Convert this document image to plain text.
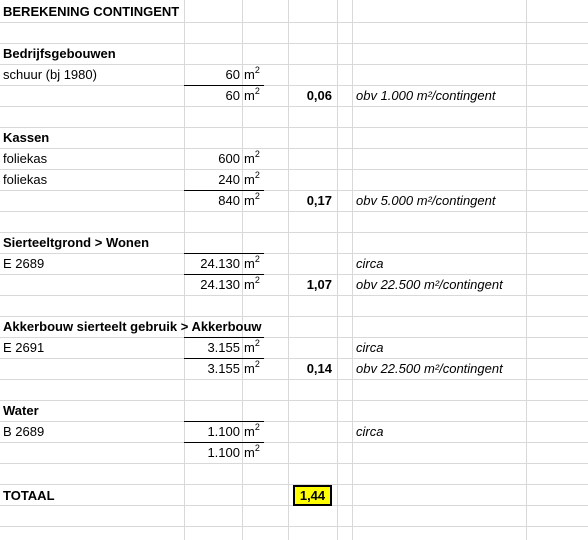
BEREKENING CONTINGENT
Bedrijfsgebouwen
schuur (bj 1980)	60 $m^2$
60 $m^2$	0,06 obv 1.000 m²/contingent
Kassen
foliekas	600 $m^2$
foliekas	240 $m^2$
840 $m^2$	0,17 obv 5.000 m²/contingent
Sierteeltgrond > Wonen
E 2689	24.130 $m^2$	circa
24.130 $m^2$	1,07 obv 22.500 m²/contingent
Akkerbouw sierteelt gebruik > Akkerbouw
E 2691	3.155 $m^2$	circa
3.155 $m^2$	0,14 obv 22.500 m²/contingent
Water
B 2689	1.100 $m^2$	circa
1.100 $m^2$
TOTAAL	1,44
